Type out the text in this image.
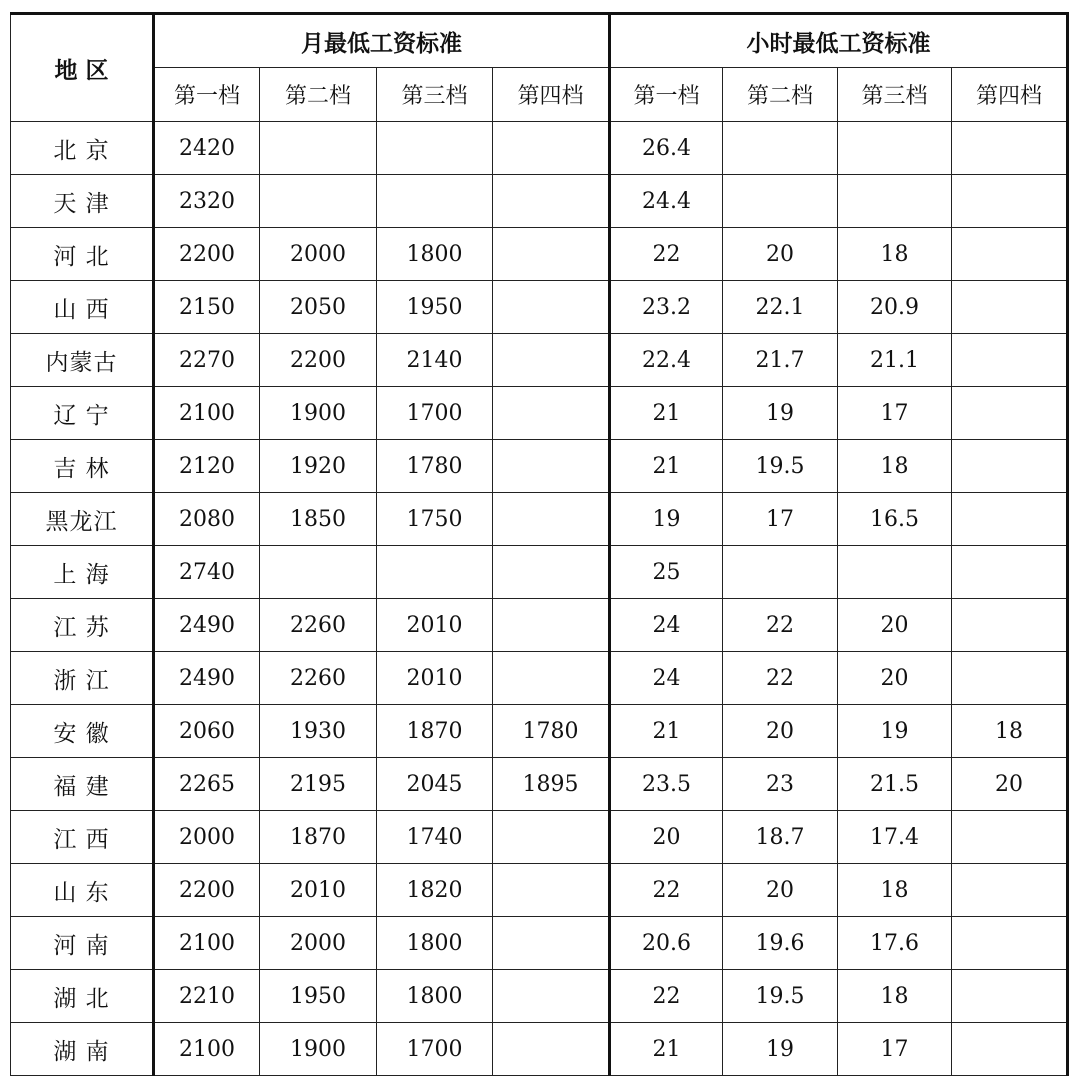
地 区	月最低工资标准				小时最低工资标准			
	第一档	第二档	第三档	第四档	第一档	第二档	第三档	第四档
北 京	2420				26.4			
天 津	2320				24.4			
河 北	2200	2000	1800		22	20	18	
山 西	2150	2050	1950		23.2	22.1	20.9	
内蒙古	2270	2200	2140		22.4	21.7	21.1	
辽 宁	2100	1900	1700		21	19	17	
吉 林	2120	1920	1780		21	19.5	18	
黑龙江	2080	1850	1750		19	17	16.5	
上 海	2740				25			
江 苏	2490	2260	2010		24	22	20	
浙 江	2490	2260	2010		24	22	20	
安 徽	2060	1930	1870	1780	21	20	19	18
福 建	2265	2195	2045	1895	23.5	23	21.5	20
江 西	2000	1870	1740		20	18.7	17.4	
山 东	2200	2010	1820		22	20	18	
河 南	2100	2000	1800		20.6	19.6	17.6	
湖 北	2210	1950	1800		22	19.5	18	
湖 南	2100	1900	1700		21	19	17	
